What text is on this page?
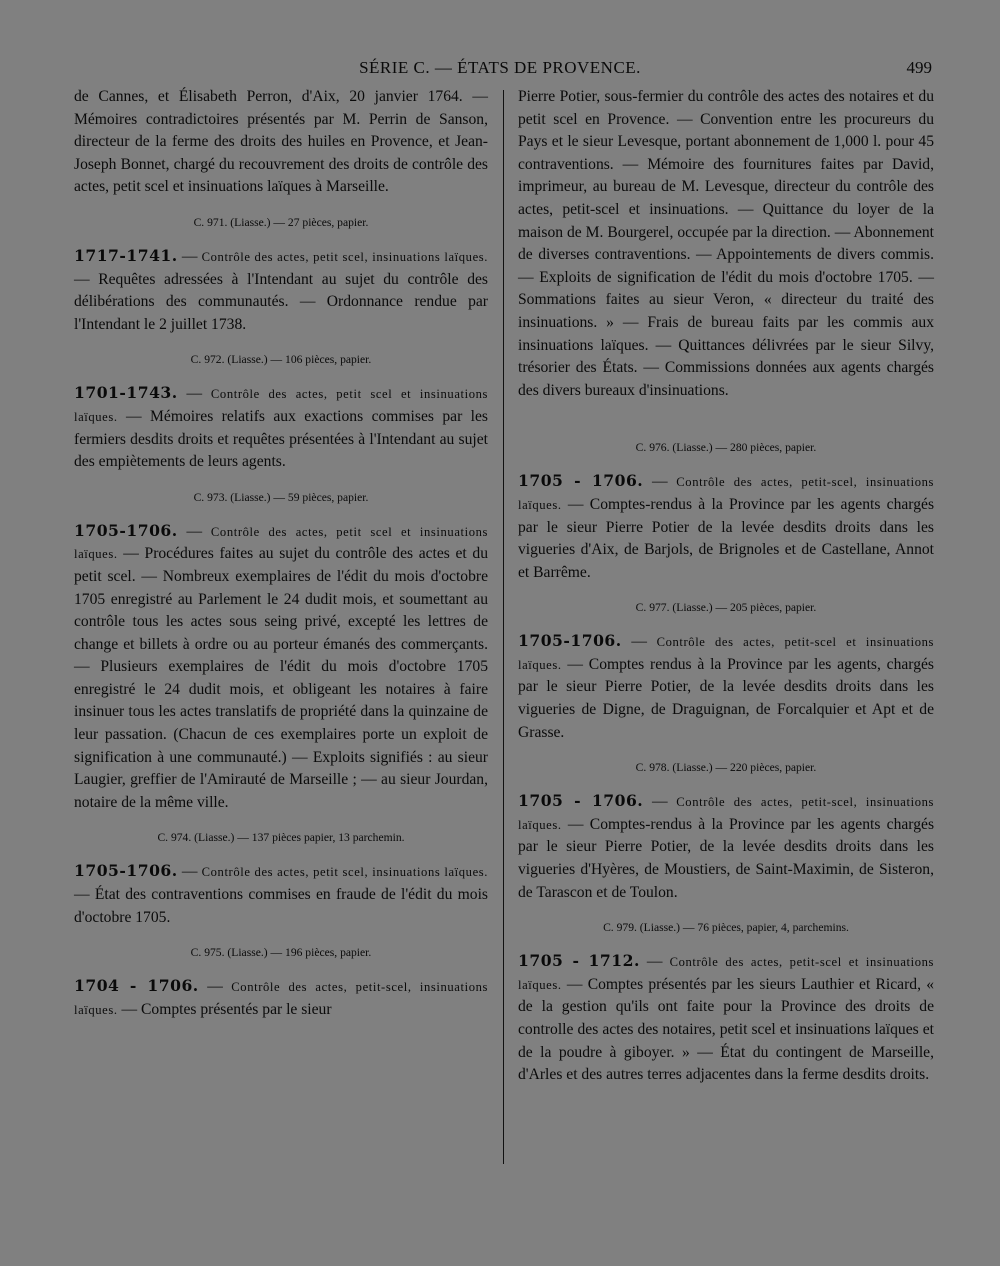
SÉRIE C. — ÉTATS DE PROVENCE.	499

de Cannes, et Élisabeth Perron, d'Aix, 20 janvier 1764. — Mémoires contradictoires présentés par M. Perrin de Sanson, directeur de la ferme des droits des huiles en Provence, et Jean-Joseph Bonnet, chargé du recouvrement des droits de contrôle des actes, petit scel et insinuations laïques à Marseille.

C. 971. (Liasse.) — 27 pièces, papier.

1717-1741. — Contrôle des actes, petit scel, insinuations laïques. — Requêtes adressées à l'Intendant au sujet du contrôle des délibérations des communautés. — Ordonnance rendue par l'Intendant le 2 juillet 1738.

C. 972. (Liasse.) — 106 pièces, papier.

1701-1743. — Contrôle des actes, petit scel et insinuations laïques. — Mémoires relatifs aux exactions commises par les fermiers desdits droits et requêtes présentées à l'Intendant au sujet des empiètements de leurs agents.

C. 973. (Liasse.) — 59 pièces, papier.

1705-1706. — Contrôle des actes, petit scel et insinuations laïques. — Procédures faites au sujet du contrôle des actes et du petit scel. — Nombreux exemplaires de l'édit du mois d'octobre 1705 enregistré au Parlement le 24 dudit mois, et soumettant au contrôle tous les actes sous seing privé, excepté les lettres de change et billets à ordre ou au porteur émanés des commerçants. — Plusieurs exemplaires de l'édit du mois d'octobre 1705 enregistré le 24 dudit mois, et obligeant les notaires à faire insinuer tous les actes translatifs de propriété dans la quinzaine de leur passation. (Chacun de ces exemplaires porte un exploit de signification à une communauté.) — Exploits signifiés : au sieur Laugier, greffier de l'Amirauté de Marseille ; — au sieur Jourdan, notaire de la même ville.

C. 974. (Liasse.) — 137 pièces papier, 13 parchemin.

1705-1706. — Contrôle des actes, petit scel, insinuations laïques. — État des contraventions commises en fraude de l'édit du mois d'octobre 1705.

C. 975. (Liasse.) — 196 pièces, papier.

1704 - 1706. — Contrôle des actes, petit-scel, insinuations laïques. — Comptes présentés par le sieur

Pierre Potier, sous-fermier du contrôle des actes des notaires et du petit scel en Provence. — Convention entre les procureurs du Pays et le sieur Levesque, portant abonnement de 1,000 l. pour 45 contraventions. — Mémoire des fournitures faites par David, imprimeur, au bureau de M. Levesque, directeur du contrôle des actes, petit-scel et insinuations. — Quittance du loyer de la maison de M. Bourgerel, occupée par la direction. — Abonnement de diverses contraventions. — Appointements de divers commis. — Exploits de signification de l'édit du mois d'octobre 1705. — Sommations faites au sieur Veron, « directeur du traité des insinuations. » — Frais de bureau faits par les commis aux insinuations laïques. — Quittances délivrées par le sieur Silvy, trésorier des États. — Commissions données aux agents chargés des divers bureaux d'insinuations.

C. 976. (Liasse.) — 280 pièces, papier.

1705 - 1706. — Contrôle des actes, petit-scel, insinuations laïques. — Comptes-rendus à la Province par les agents chargés par le sieur Pierre Potier de la levée desdits droits dans les vigueries d'Aix, de Barjols, de Brignoles et de Castellane, Annot et Barrême.

C. 977. (Liasse.) — 205 pièces, papier.

1705-1706. — Contrôle des actes, petit-scel et insinuations laïques. — Comptes rendus à la Province par les agents, chargés par le sieur Pierre Potier, de la levée desdits droits dans les vigueries de Digne, de Draguignan, de Forcalquier et Apt et de Grasse.

C. 978. (Liasse.) — 220 pièces, papier.

1705 - 1706. — Contrôle des actes, petit-scel, insinuations laïques. — Comptes-rendus à la Province par les agents chargés par le sieur Pierre Potier, de la levée desdits droits dans les vigueries d'Hyères, de Moustiers, de Saint-Maximin, de Sisteron, de Tarascon et de Toulon.

C. 979. (Liasse.) — 76 pièces, papier, 4, parchemins.

1705 - 1712. — Contrôle des actes, petit-scel et insinuations laïques. — Comptes présentés par les sieurs Lauthier et Ricard, « de la gestion qu'ils ont faite pour la Province des droits de controlle des actes des notaires, petit scel et insinuations laïques et de la poudre à giboyer. » — État du contingent de Marseille, d'Arles et des autres terres adjacentes dans la ferme desdits droits.
